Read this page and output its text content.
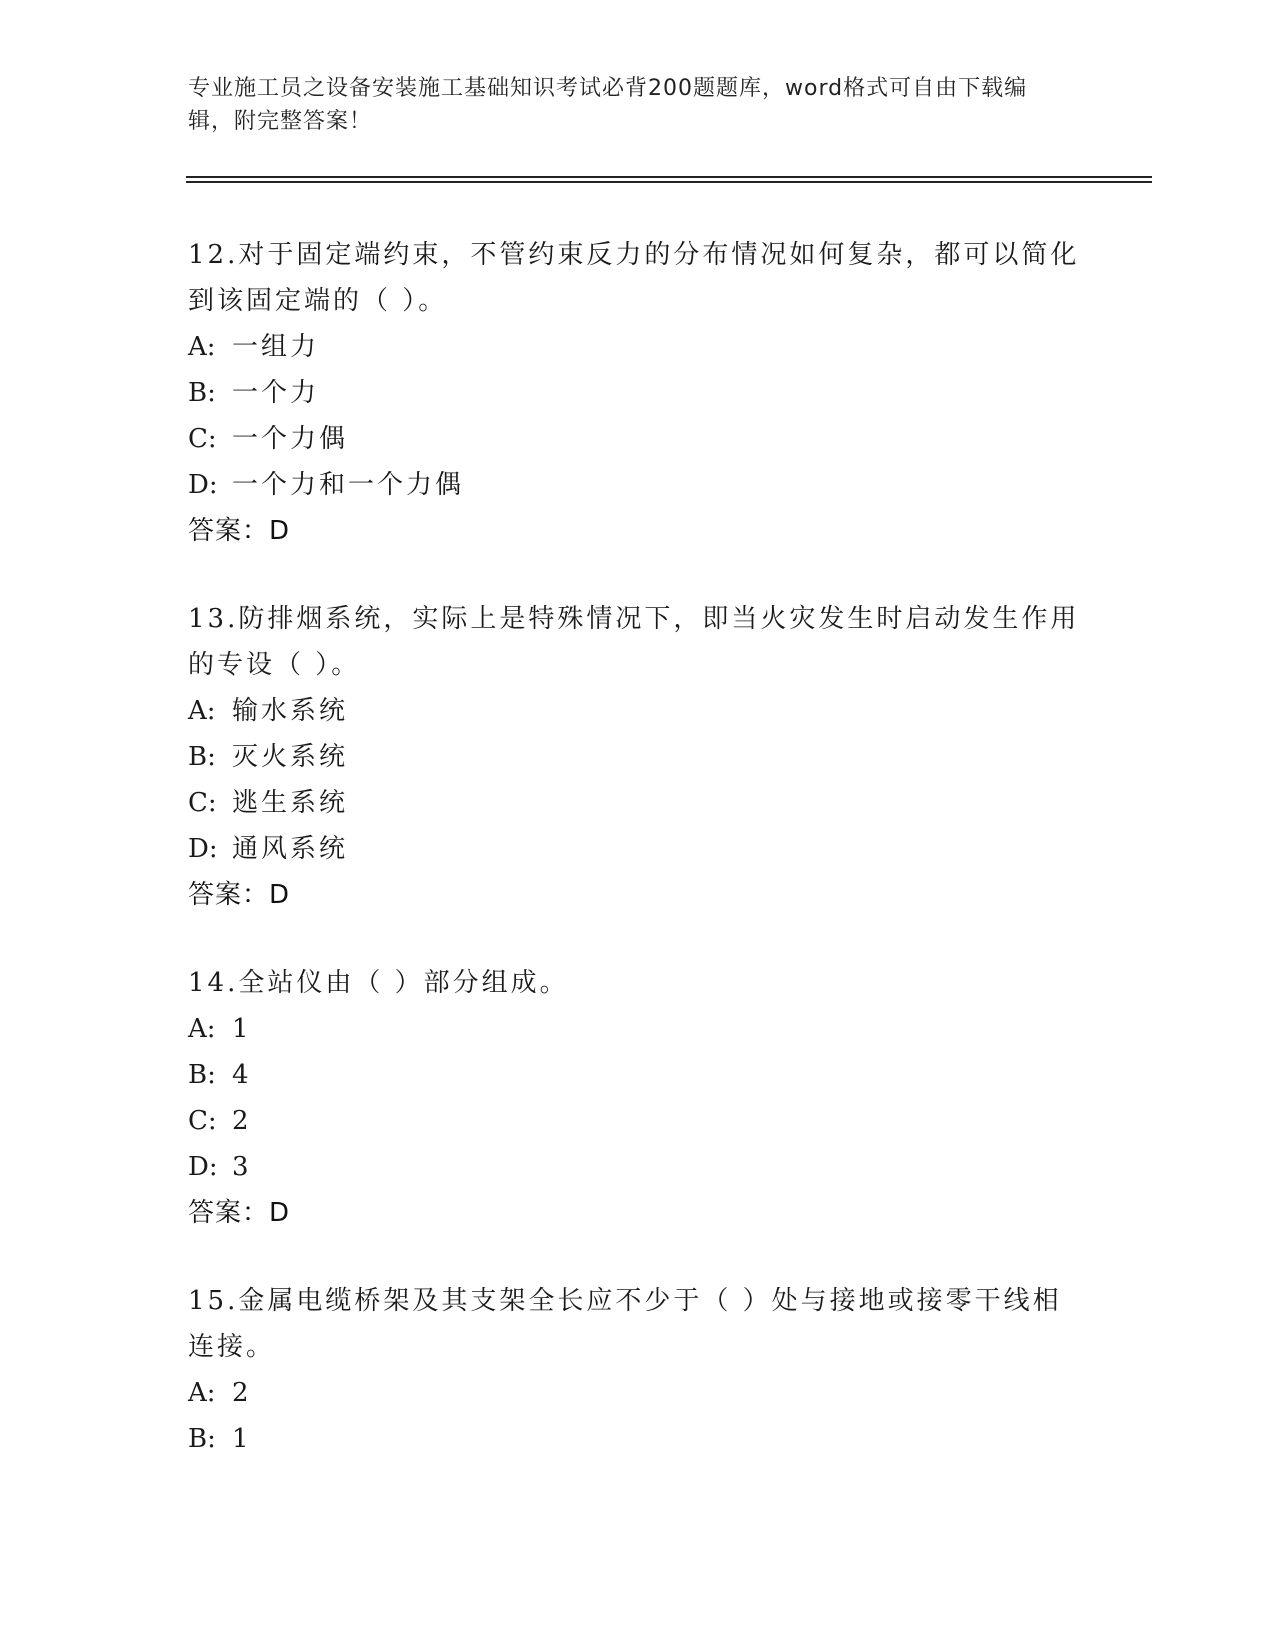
专业施工员之设备安装施工基础知识考试必背200题题库，word格式可自由下载编辑，附完整答案！
12.对于固定端约束，不管约束反力的分布情况如何复杂，都可以简化到该固定端的（ ）。
A: 一组力
B: 一个力
C: 一个力偶
D: 一个力和一个力偶
答案：D
13.防排烟系统，实际上是特殊情况下，即当火灾发生时启动发生作用的专设（ ）。
A: 输水系统
B: 灭火系统
C: 逃生系统
D: 通风系统
答案：D
14.全站仪由（ ）部分组成。
A: 1
B: 4
C: 2
D: 3
答案：D
15.金属电缆桥架及其支架全长应不少于（ ）处与接地或接零干线相连接。
A: 2
B: 1
